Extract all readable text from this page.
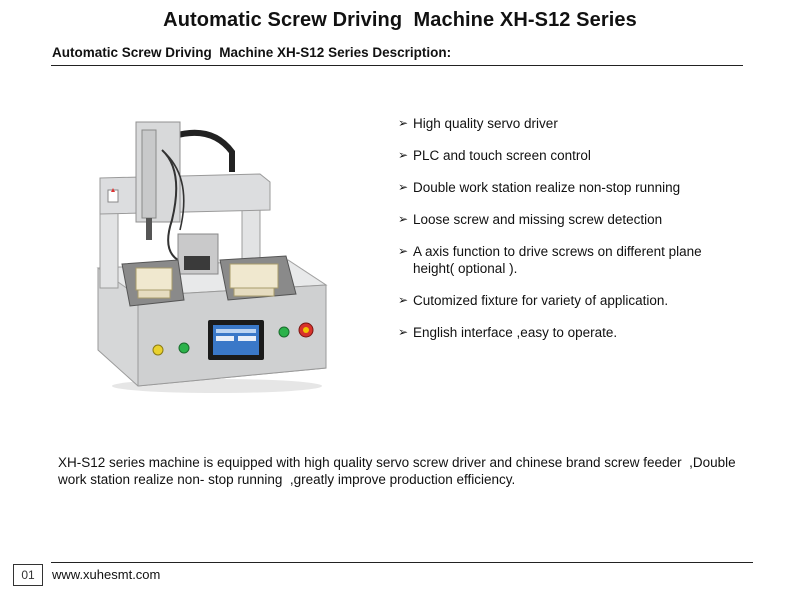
Automatic Screw Driving  Machine XH-S12 Series
Automatic Screw Driving  Machine XH-S12 Series Description:
➢ High quality servo driver
➢ PLC and touch screen control
➢ Double work station realize non-stop running
➢ Loose screw and missing screw detection
➢ A axis function to drive screws on different plane height( optional ).
➢ Cutomized fixture for variety of application.
➢ English interface ,easy to operate.
XH-S12 series machine is equipped with high quality servo screw driver and chinese brand screw feeder  ,Double work station realize non- stop running  ,greatly improve production efficiency.
01	www.xuhesmt.com
